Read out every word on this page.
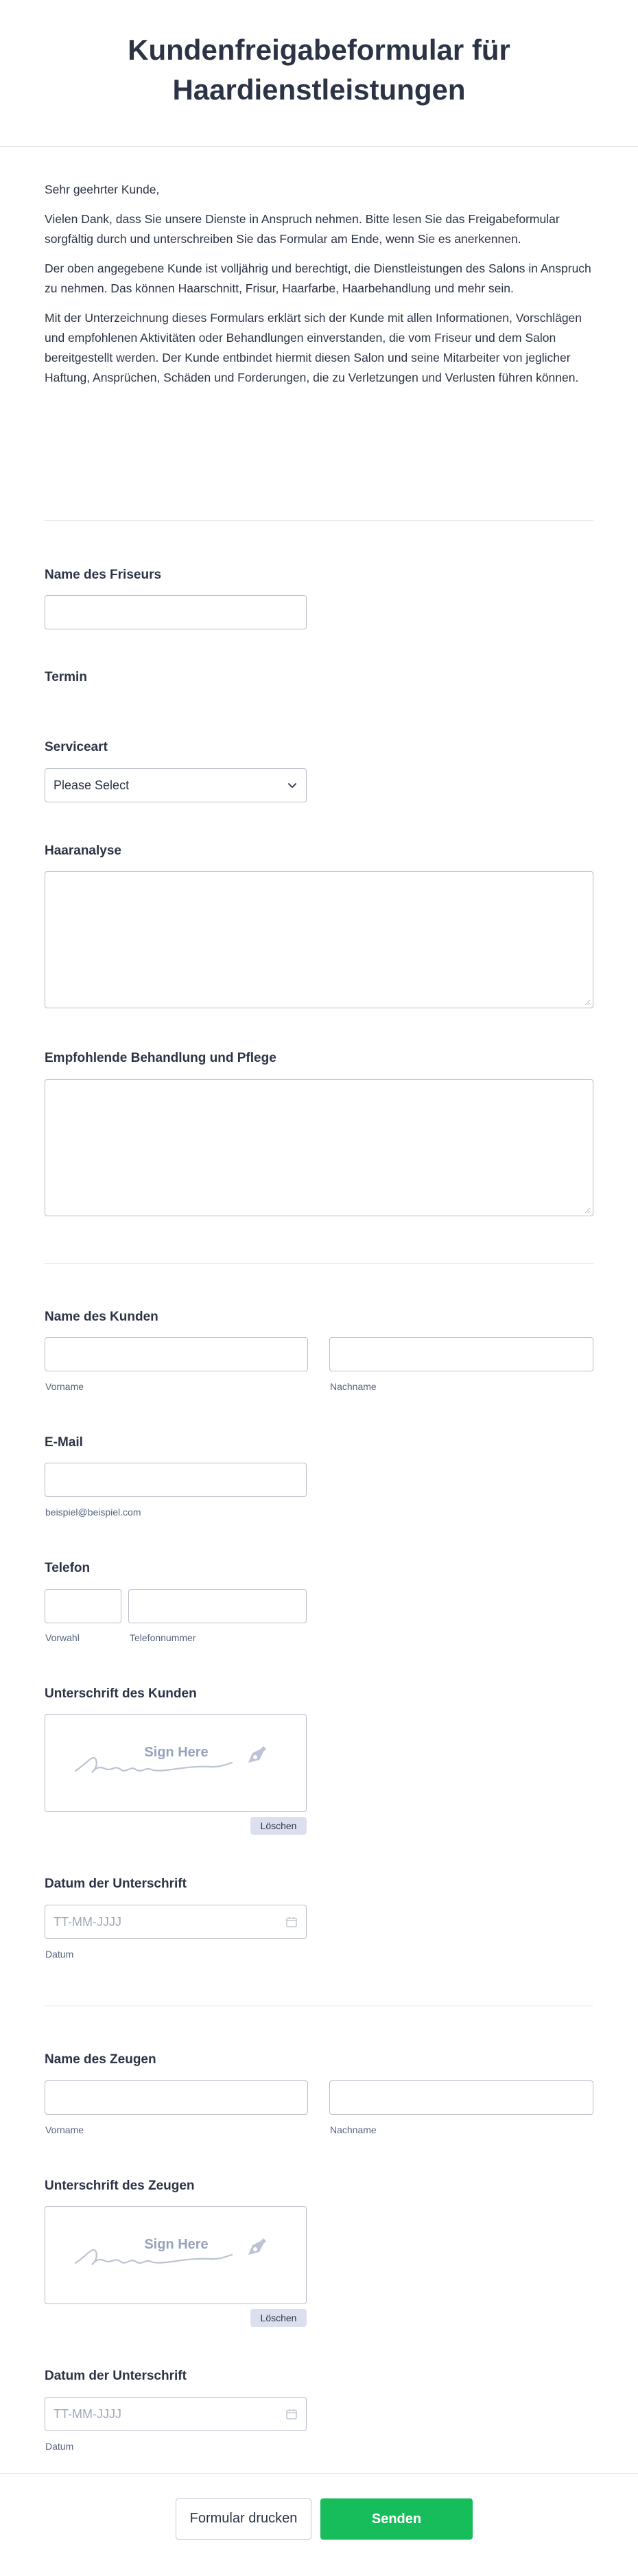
Kundenfreigabeformular für Haardienstleistungen

Sehr geehrter Kunde,

Vielen Dank, dass Sie unsere Dienste in Anspruch nehmen. Bitte lesen Sie das Freigabeformular sorgfältig durch und unterschreiben Sie das Formular am Ende, wenn Sie es anerkennen.

Der oben angegebene Kunde ist volljährig und berechtigt, die Dienstleistungen des Salons in Anspruch zu nehmen. Das können Haarschnitt, Frisur, Haarfarbe, Haarbehandlung und mehr sein.

Mit der Unterzeichnung dieses Formulars erklärt sich der Kunde mit allen Informationen, Vorschlägen und empfohlenen Aktivitäten oder Behandlungen einverstanden, die vom Friseur und dem Salon bereitgestellt werden. Der Kunde entbindet hiermit diesen Salon und seine Mitarbeiter von jeglicher Haftung, Ansprüchen, Schäden und Forderungen, die zu Verletzungen und Verlusten führen können.

Name des Friseurs
Termin
Serviceart
Please Select
Haaranalyse
Empfohlende Behandlung und Pflege
Name des Kunden
Vorname	Nachname
E-Mail
beispiel@beispiel.com
Telefon
Vorwahl	Telefonnummer
Unterschrift des Kunden
Sign Here
Löschen
Datum der Unterschrift
TT-MM-JJJJ
Datum
Name des Zeugen
Vorname	Nachname
Unterschrift des Zeugen
Sign Here
Löschen
Datum der Unterschrift
TT-MM-JJJJ
Datum
Formular drucken	Senden
